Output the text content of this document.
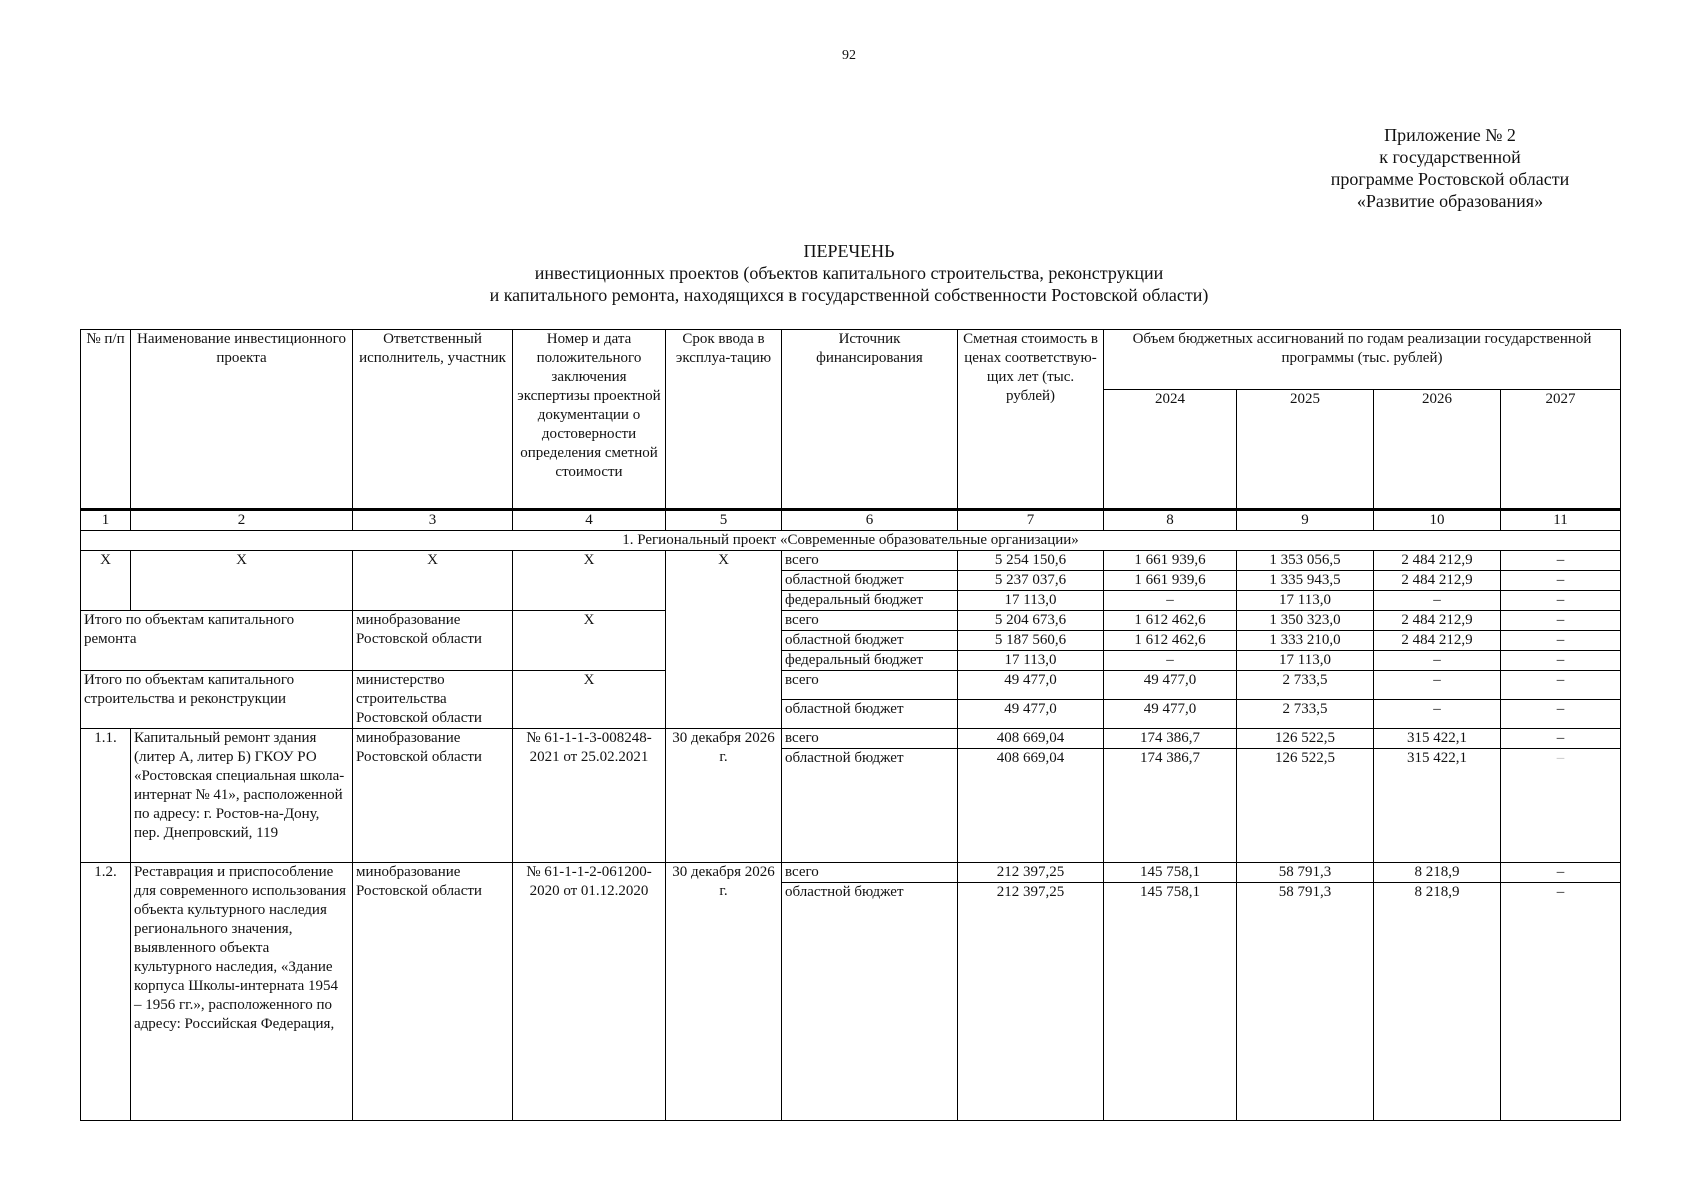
92
Приложение № 2
к государственной
программе Ростовской области
«Развитие образования»
ПЕРЕЧЕНЬ
инвестиционных проектов (объектов капитального строительства, реконструкции
и капитального ремонта, находящихся в государственной собственности Ростовской области)
№ п/п	Наименование инвестиционного проекта	Ответственный исполнитель, участник	Номер и дата положительного заключения экспертизы проектной документации о достоверности определения сметной стоимости	Срок ввода в эксплуа-тацию	Источник финансирования	Сметная стоимость в ценах соответствую-щих лет (тыс. рублей)	Объем бюджетных ассигнований по годам реализации государственной программы (тыс. рублей)			
							2024	2025	2026	2027
1	2	3	4	5	6	7	8	9	10	11
1. Региональный проект «Современные образовательные организации»										
Х	Х	Х	Х	Х	всего	5 254 150,6	1 661 939,6	1 353 056,5	2 484 212,9	–
					областной бюджет	5 237 037,6	1 661 939,6	1 335 943,5	2 484 212,9	–
					федеральный бюджет	17 113,0	–	17 113,0	–	–
Итого по объектам капитального ремонта		минобразование Ростовской области	Х		всего	5 204 673,6	1 612 462,6	1 350 323,0	2 484 212,9	–
					областной бюджет	5 187 560,6	1 612 462,6	1 333 210,0	2 484 212,9	–
					федеральный бюджет	17 113,0	–	17 113,0	–	–
Итого по объектам капитального строительства и реконструкции		министерство строительства Ростовской области	Х		всего	49 477,0	49 477,0	2 733,5	–	–
					областной бюджет	49 477,0	49 477,0	2 733,5	–	–

1.1.	Капитальный ремонт здания (литер А, литер Б) ГКОУ РО «Ростовская специальная школа-интернат № 41», расположенной по адресу: г. Ростов-на-Дону, пер. Днепровский, 119	минобразование Ростовской области	№ 61-1-1-3-008248-2021 от 25.02.2021	30 декабря 2026 г.	всего	408 669,04	174 386,7	126 522,5	315 422,1	–
					областной бюджет	408 669,04	174 386,7	126 522,5	315 422,1	–
1.2.	Реставрация и приспособление для современного использования объекта культурного наследия регионального значения, выявленного объекта культурного наследия, «Здание корпуса Школы-интерната 1954 – 1956 гг.», расположенного по адресу: Российская Федерация,	минобразование Ростовской области	№ 61-1-1-2-061200-2020 от 01.12.2020	30 декабря 2026 г.	всего	212 397,25	145 758,1	58 791,3	8 218,9	–
					областной бюджет	212 397,25	145 758,1	58 791,3	8 218,9	–
